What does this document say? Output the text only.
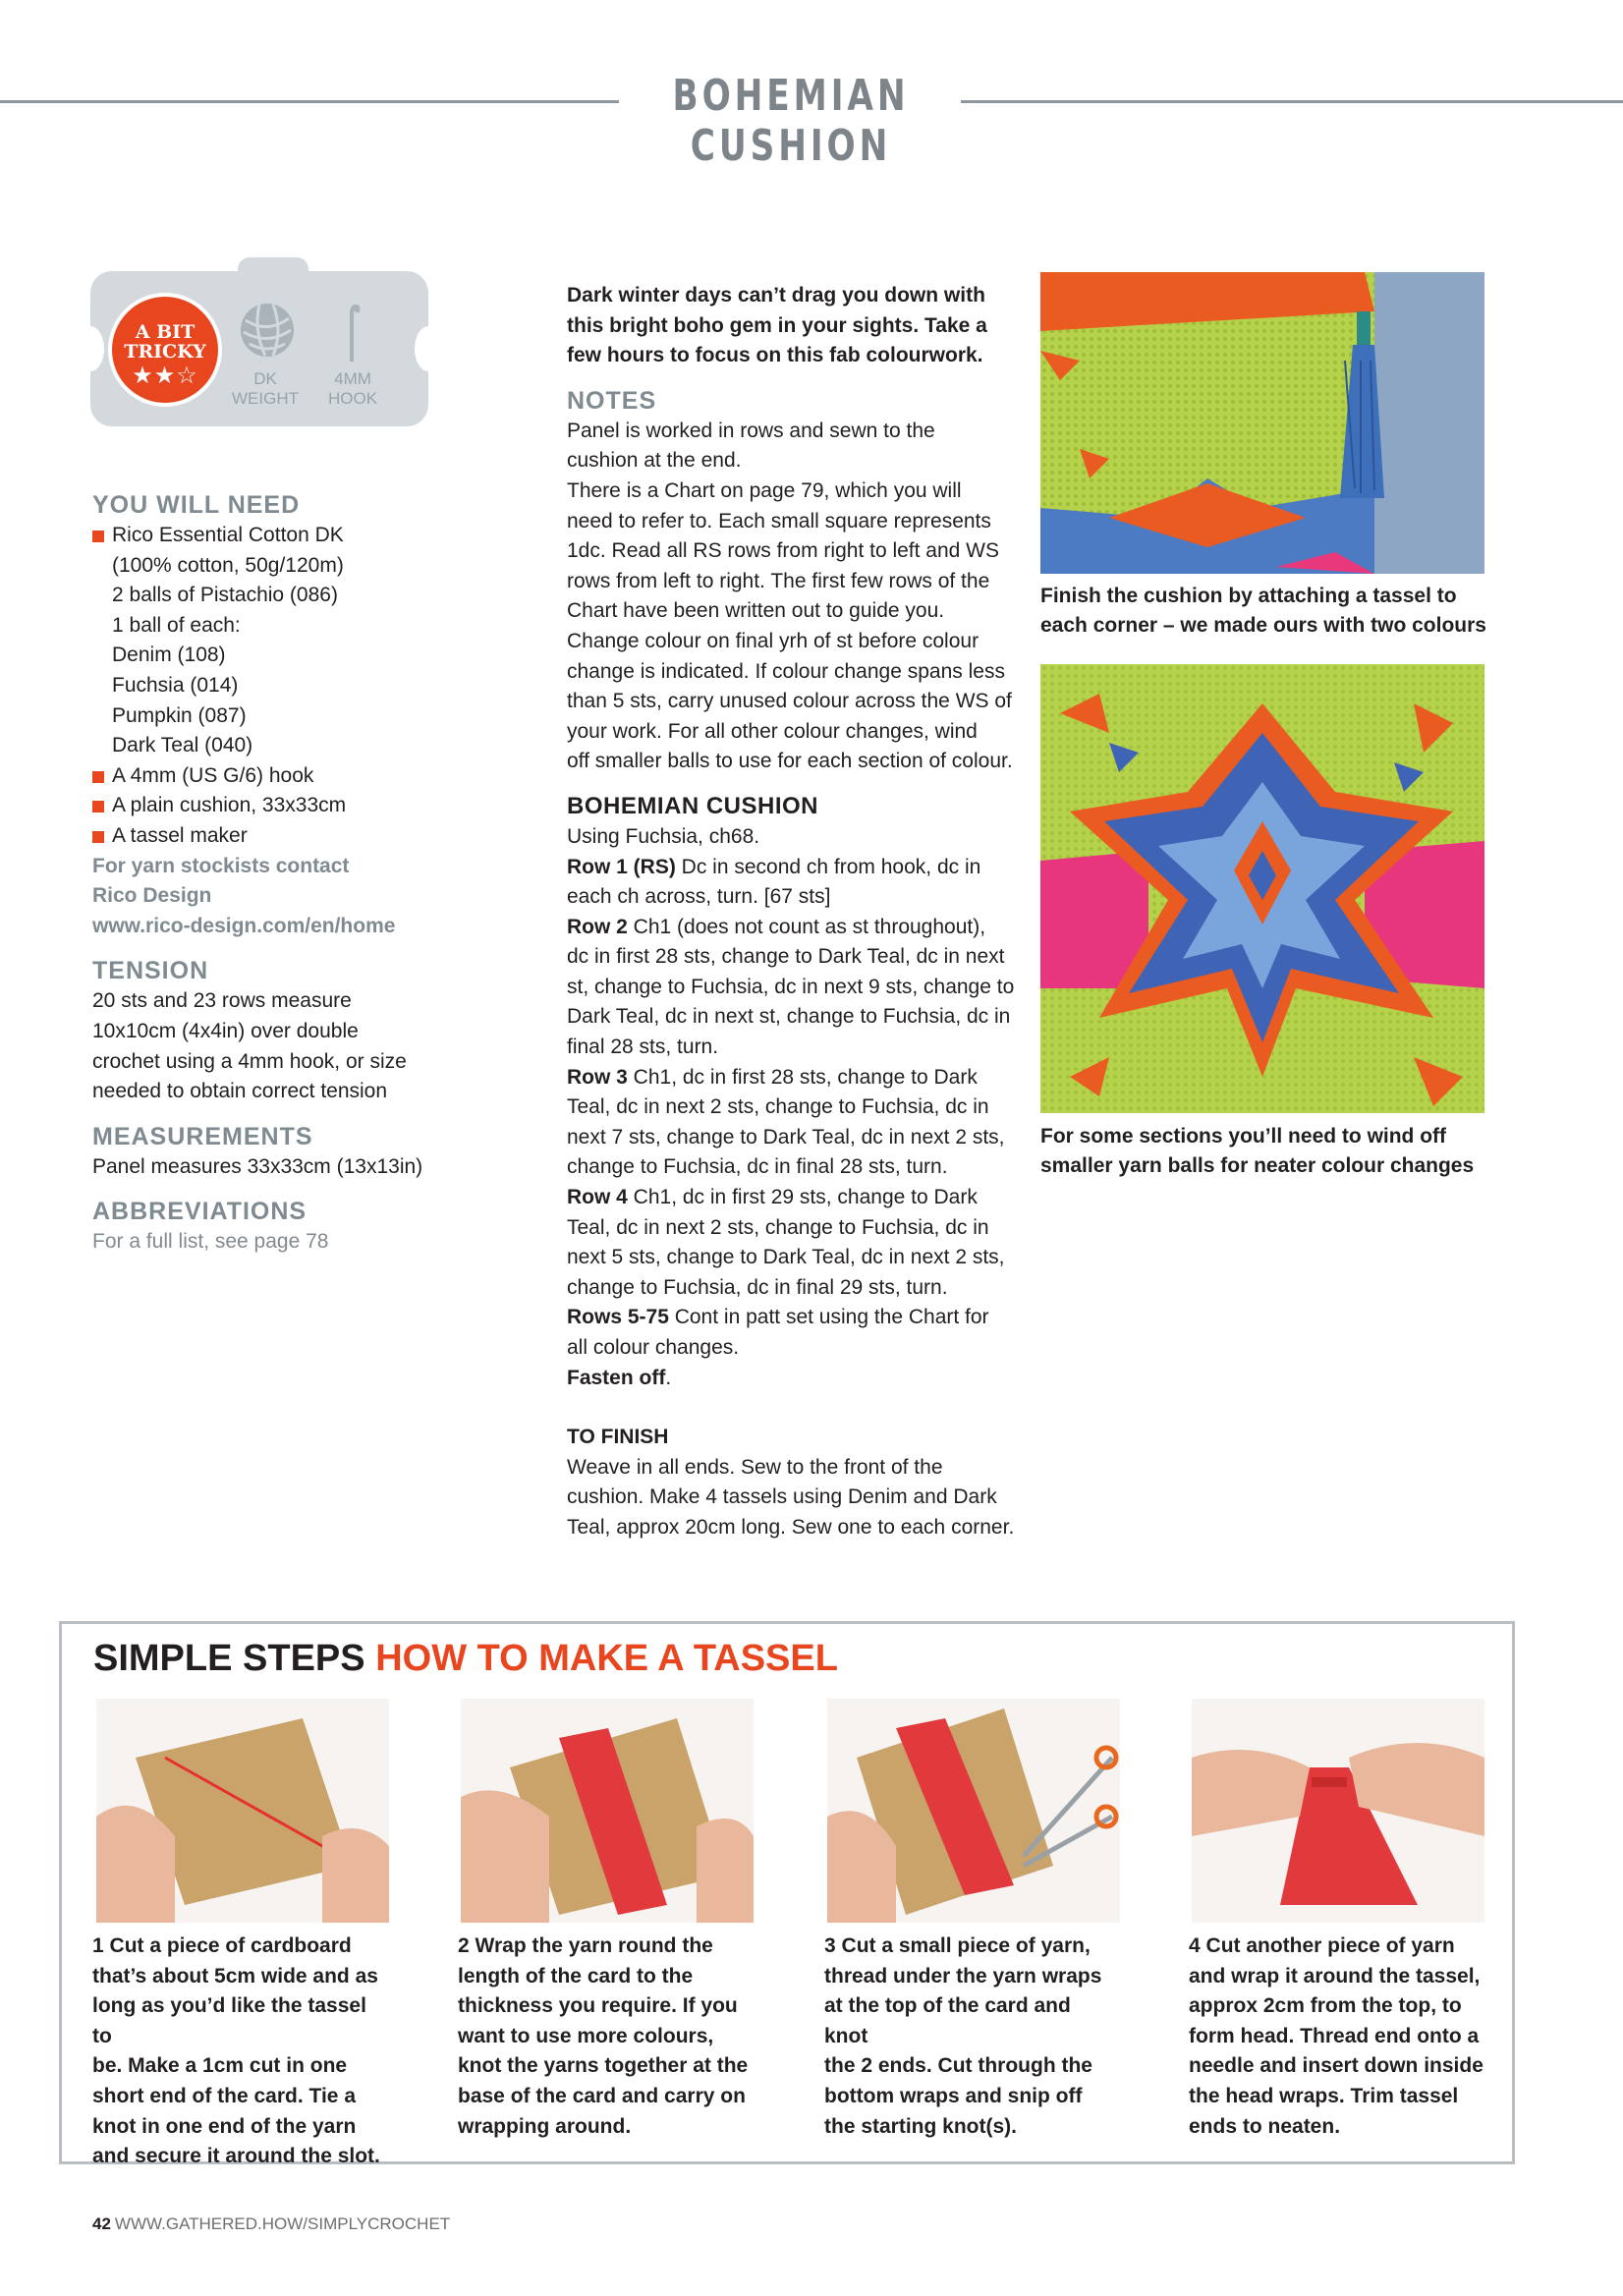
BOHEMIAN CUSHION
A BIT
TRICKY
★★☆	DK
WEIGHT
4MM
HOOK
YOU WILL NEED
Rico Essential Cotton DK
(100% cotton, 50g/120m)
2 balls of Pistachio (086)
1 ball of each:
Denim (108)
Fuchsia (014)
Pumpkin (087)
Dark Teal (040)
A 4mm (US G/6) hook
A plain cushion, 33x33cm
A tassel maker
For yarn stockists contact
Rico Design
www.rico-design.com/en/home
TENSION
20 sts and 23 rows measure
10x10cm (4x4in) over double
crochet using a 4mm hook, or size
needed to obtain correct tension
MEASUREMENTS
Panel measures 33x33cm (13x13in)
ABBREVIATIONS
For a full list, see page 78
Dark winter days can’t drag you down with
this bright boho gem in your sights. Take a
few hours to focus on this fab colourwork.
NOTES
Panel is worked in rows and sewn to the
cushion at the end.
There is a Chart on page 79, which you will
need to refer to. Each small square represents
1dc. Read all RS rows from right to left and WS
rows from left to right. The first few rows of the
Chart have been written out to guide you.
Change colour on final yrh of st before colour
change is indicated. If colour change spans less
than 5 sts, carry unused colour across the WS of
your work. For all other colour changes, wind
off smaller balls to use for each section of colour.
BOHEMIAN CUSHION
Using Fuchsia, ch68.
Row 1 (RS) Dc in second ch from hook, dc in
each ch across, turn. [67 sts]
Row 2 Ch1 (does not count as st throughout),
dc in first 28 sts, change to Dark Teal, dc in next
st, change to Fuchsia, dc in next 9 sts, change to
Dark Teal, dc in next st, change to Fuchsia, dc in
final 28 sts, turn.
Row 3 Ch1, dc in first 28 sts, change to Dark
Teal, dc in next 2 sts, change to Fuchsia, dc in
next 7 sts, change to Dark Teal, dc in next 2 sts,
change to Fuchsia, dc in final 28 sts, turn.
Row 4 Ch1, dc in first 29 sts, change to Dark
Teal, dc in next 2 sts, change to Fuchsia, dc in
next 5 sts, change to Dark Teal, dc in next 2 sts,
change to Fuchsia, dc in final 29 sts, turn.
Rows 5-75 Cont in patt set using the Chart for
all colour changes.
Fasten off.
TO FINISH
Weave in all ends. Sew to the front of the
cushion. Make 4 tassels using Denim and Dark
Teal, approx 20cm long. Sew one to each corner.
Finish the cushion by attaching a tassel to
each corner – we made ours with two colours
For some sections you’ll need to wind off
smaller yarn balls for neater colour changes
SIMPLE STEPS HOW TO MAKE A TASSEL
1 Cut a piece of cardboard
that’s about 5cm wide and as
long as you’d like the tassel to
be. Make a 1cm cut in one
short end of the card. Tie a
knot in one end of the yarn
and secure it around the slot.
2 Wrap the yarn round the
length of the card to the
thickness you require. If you
want to use more colours,
knot the yarns together at the
base of the card and carry on
wrapping around.
3 Cut a small piece of yarn,
thread under the yarn wraps
at the top of the card and knot
the 2 ends. Cut through the
bottom wraps and snip off
the starting knot(s).
4 Cut another piece of yarn
and wrap it around the tassel,
approx 2cm from the top, to
form head. Thread end onto a
needle and insert down inside
the head wraps. Trim tassel
ends to neaten.
42 WWW.GATHERED.HOW/SIMPLYCROCHET
